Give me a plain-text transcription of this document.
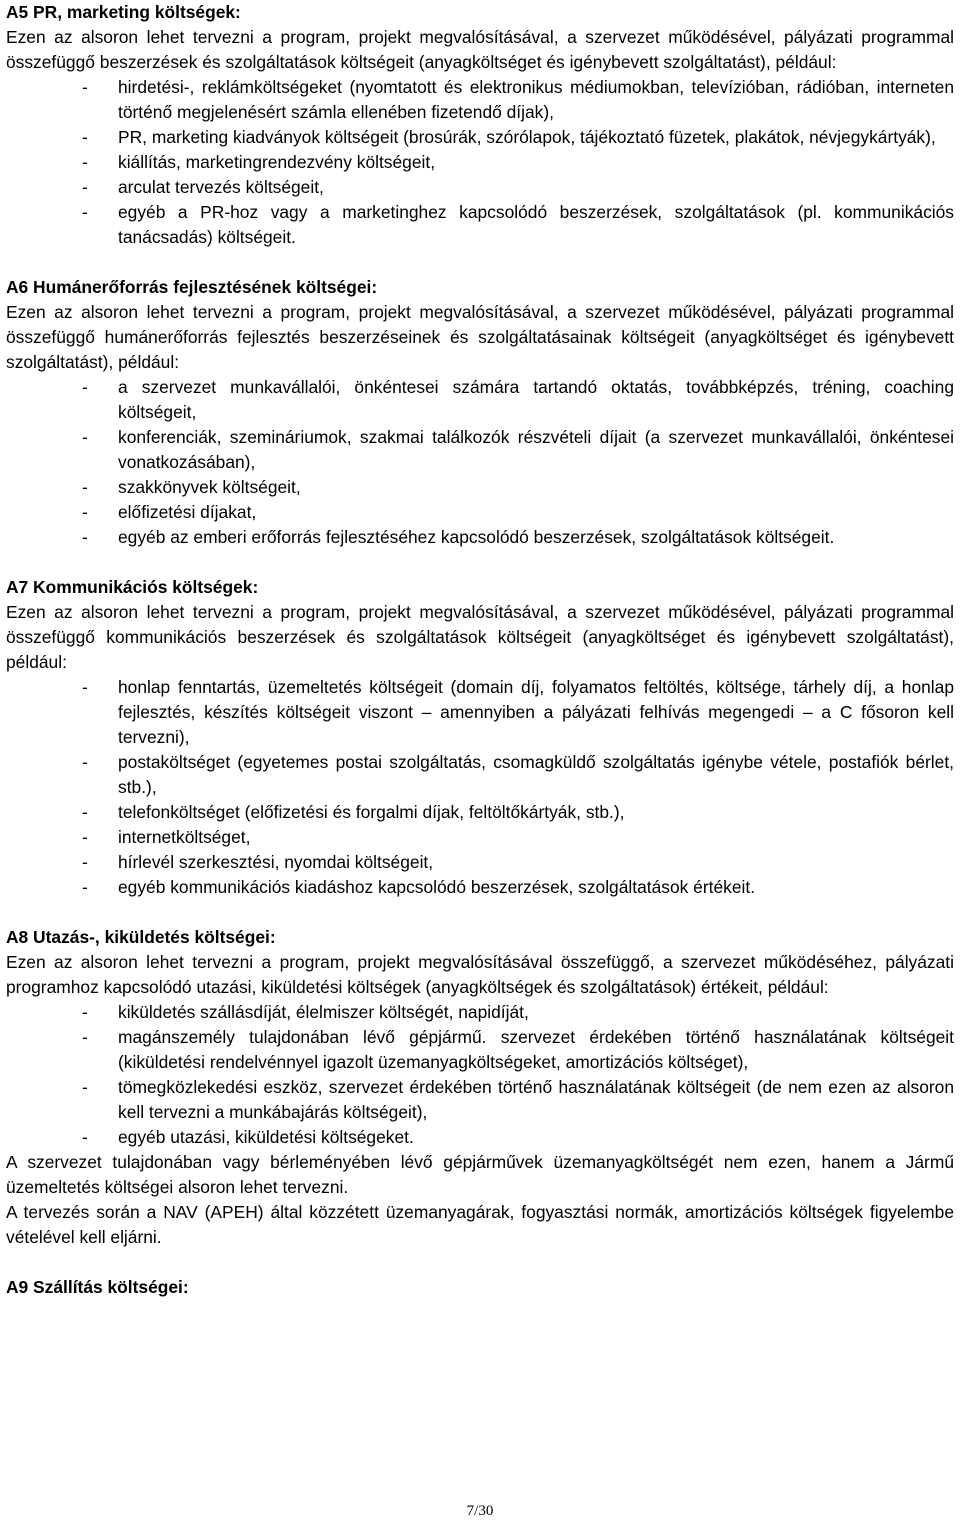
A5 PR, marketing költségek:
Ezen az alsoron lehet tervezni a program, projekt megvalósításával, a szervezet működésével, pályázati programmal összefüggő beszerzések és szolgáltatások költségeit (anyagköltséget és igénybevett szolgáltatást), például:
- hirdetési-, reklámköltségeket (nyomtatott és elektronikus médiumokban, televízióban, rádióban, interneten történő megjelenésért számla ellenében fizetendő díjak),
- PR, marketing kiadványok költségeit (brosúrák, szórólapok, tájékoztató füzetek, plakátok, névjegykártyák),
- kiállítás, marketingrendezvény költségeit,
- arculat tervezés költségeit,
- egyéb a PR-hoz vagy a marketinghez kapcsolódó beszerzések, szolgáltatások (pl. kommunikációs tanácsadás) költségeit.
A6 Humánerőforrás fejlesztésének költségei:
Ezen az alsoron lehet tervezni a program, projekt megvalósításával, a szervezet működésével, pályázati programmal összefüggő humánerőforrás fejlesztés beszerzéseinek és szolgáltatásainak költségeit (anyagköltséget és igénybevett szolgáltatást), például:
- a szervezet munkavállalói, önkéntesei számára tartandó oktatás, továbbképzés, tréning, coaching költségeit,
- konferenciák, szemináriumok, szakmai találkozók részvételi díjait (a szervezet munkavállalói, önkéntesei vonatkozásában),
- szakkönyvek költségeit,
- előfizetési díjakat,
- egyéb az emberi erőforrás fejlesztéséhez kapcsolódó beszerzések, szolgáltatások költségeit.
A7 Kommunikációs költségek:
Ezen az alsoron lehet tervezni a program, projekt megvalósításával, a szervezet működésével, pályázati programmal összefüggő kommunikációs beszerzések és szolgáltatások költségeit (anyagköltséget és igénybevett szolgáltatást), például:
- honlap fenntartás, üzemeltetés költségeit (domain díj, folyamatos feltöltés, költsége, tárhely díj, a honlap fejlesztés, készítés költségeit viszont – amennyiben a pályázati felhívás megengedi – a C fősoron kell tervezni),
- postaköltséget (egyetemes postai szolgáltatás, csomagküldő szolgáltatás igénybe vétele, postafiók bérlet, stb.),
- telefonköltséget (előfizetési és forgalmi díjak, feltöltőkártyák, stb.),
- internetköltséget,
- hírlevél szerkesztési, nyomdai költségeit,
- egyéb kommunikációs kiadáshoz kapcsolódó beszerzések, szolgáltatások értékeit.
A8 Utazás-, kiküldetés költségei:
Ezen az alsoron lehet tervezni a program, projekt megvalósításával összefüggő, a szervezet működéséhez, pályázati programhoz kapcsolódó utazási, kiküldetési költségek (anyagköltségek és szolgáltatások) értékeit, például:
- kiküldetés szállásdíját, élelmiszer költségét, napidíját,
- magánszemély tulajdonában lévő gépjármű. szervezet érdekében történő használatának költségeit (kiküldetési rendelvénnyel igazolt üzemanyagköltségeket, amortizációs költséget),
- tömegközlekedési eszköz, szervezet érdekében történő használatának költségeit (de nem ezen az alsoron kell tervezni a munkábajárás költségeit),
- egyéb utazási, kiküldetési költségeket.
A szervezet tulajdonában vagy bérleményében lévő gépjárművek üzemanyagköltségét nem ezen, hanem a Jármű üzemeltetés költségei alsoron lehet tervezni.
A tervezés során a NAV (APEH) által közzétett üzemanyagárak, fogyasztási normák, amortizációs költségek figyelembe vételével kell eljárni.
A9 Szállítás költségei:
7/30
